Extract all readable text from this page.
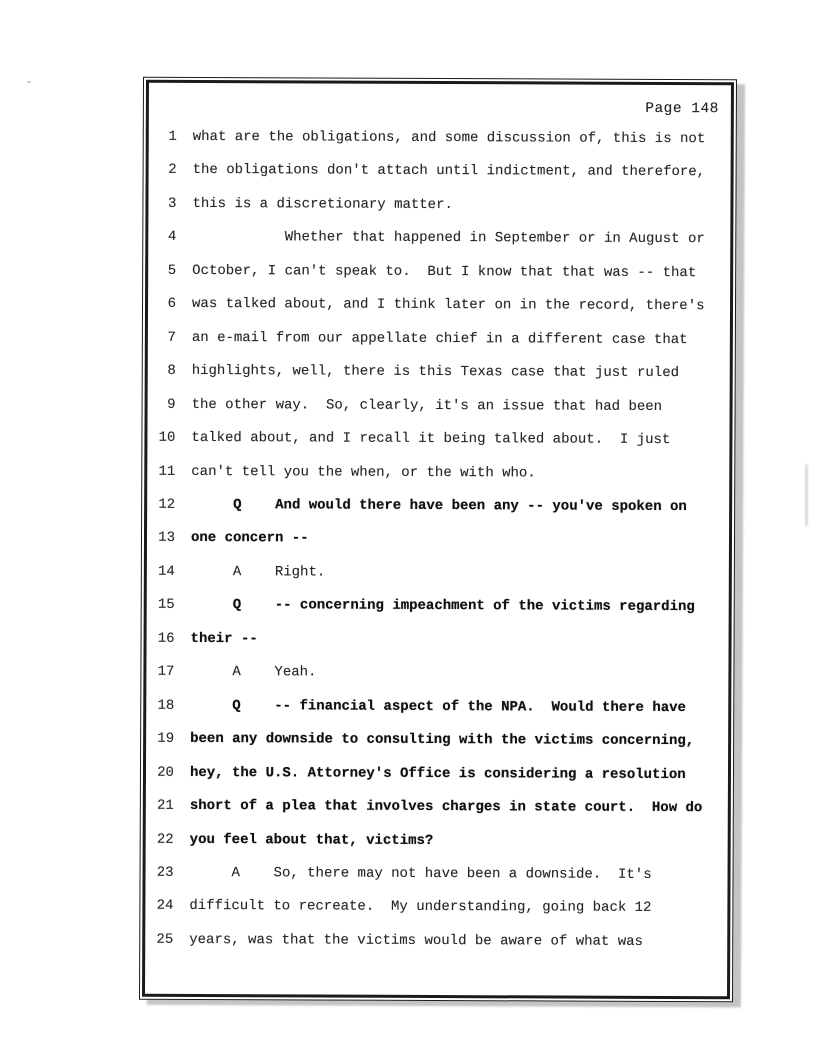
Page 148
1 what are the obligations, and some discussion of, this is not
2 the obligations don't attach until indictment, and therefore,
3 this is a discretionary matter.
4 Whether that happened in September or in August or
5 October, I can't speak to.  But I know that that was -- that
6 was talked about, and I think later on in the record, there's
7 an e-mail from our appellate chief in a different case that
8 highlights, well, there is this Texas case that just ruled
9 the other way.  So, clearly, it's an issue that had been
10 talked about, and I recall it being talked about.  I just
11 can't tell you the when, or the with who.
12 Q    And would there have been any -- you've spoken on
13 one concern --
14 A    Right.
15 Q    -- concerning impeachment of the victims regarding
16 their --
17 A    Yeah.
18 Q    -- financial aspect of the NPA.  Would there have
19 been any downside to consulting with the victims concerning,
20 hey, the U.S. Attorney's Office is considering a resolution
21 short of a plea that involves charges in state court.  How do
22 you feel about that, victims?
23 A    So, there may not have been a downside.  It's
24 difficult to recreate.  My understanding, going back 12
25 years, was that the victims would be aware of what was
